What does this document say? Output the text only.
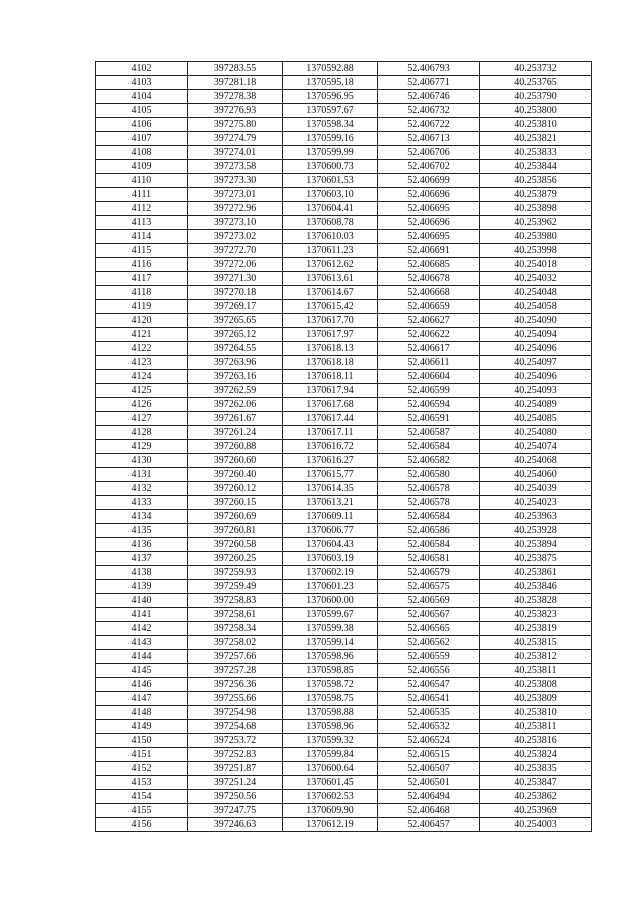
4102	397283.55	1370592.88	52.406793	40.253732
4103	397281.18	1370595.18	52.406771	40.253765
4104	397278.38	1370596.95	52.406746	40.253790
4105	397276.93	1370597.67	52.406732	40.253800
4106	397275.80	1370598.34	52.406722	40.253810
4107	397274.79	1370599.16	52.406713	40.253821
4108	397274.01	1370599.99	52.406706	40.253833
4109	397273.58	1370600.73	52.406702	40.253844
4110	397273.30	1370601.53	52.406699	40.253856
4111	397273.01	1370603.10	52.406696	40.253879
4112	397272.96	1370604.41	52.406695	40.253898
4113	397273.10	1370608.78	52.406696	40.253962
4114	397273.02	1370610.03	52.406695	40.253980
4115	397272.70	1370611.23	52.406691	40.253998
4116	397272.06	1370612.62	52.406685	40.254018
4117	397271.30	1370613.61	52.406678	40.254032
4118	397270.18	1370614.67	52.406668	40.254048
4119	397269.17	1370615.42	52.406659	40.254058
4120	397265.65	1370617.70	52.406627	40.254090
4121	397265.12	1370617.97	52.406622	40.254094
4122	397264.55	1370618.13	52.406617	40.254096
4123	397263.96	1370618.18	52.406611	40.254097
4124	397263.16	1370618.11	52.406604	40.254096
4125	397262.59	1370617.94	52.406599	40.254093
4126	397262.06	1370617.68	52.406594	40.254089
4127	397261.67	1370617.44	52.406591	40.254085
4128	397261.24	1370617.11	52.406587	40.254080
4129	397260.88	1370616.72	52.406584	40.254074
4130	397260.60	1370616.27	52.406582	40.254068
4131	397260.40	1370615.77	52.406580	40.254060
4132	397260.12	1370614.35	52.406578	40.254039
4133	397260.15	1370613.21	52.406578	40.254023
4134	397260.69	1370609.11	52.406584	40.253963
4135	397260.81	1370606.77	52.406586	40.253928
4136	397260.58	1370604.43	52.406584	40.253894
4137	397260.25	1370603.19	52.406581	40.253875
4138	397259.93	1370602.19	52.406579	40.253861
4139	397259.49	1370601.23	52.406575	40.253846
4140	397258.83	1370600.00	52.406569	40.253828
4141	397258.61	1370599.67	52.406567	40.253823
4142	397258.34	1370599.38	52.406565	40.253819
4143	397258.02	1370599.14	52.406562	40.253815
4144	397257.66	1370598.96	52.406559	40.253812
4145	397257.28	1370598.85	52.406556	40.253811
4146	397256.36	1370598.72	52.406547	40.253808
4147	397255.66	1370598.75	52.406541	40.253809
4148	397254.98	1370598.88	52.406535	40.253810
4149	397254.68	1370598.96	52.406532	40.253811
4150	397253.72	1370599.32	52.406524	40.253816
4151	397252.83	1370599.84	52.406515	40.253824
4152	397251.87	1370600.64	52.406507	40.253835
4153	397251.24	1370601.45	52.406501	40.253847
4154	397250.56	1370602.53	52.406494	40.253862
4155	397247.75	1370609.90	52.406468	40.253969
4156	397246.63	1370612.19	52.406457	40.254003
